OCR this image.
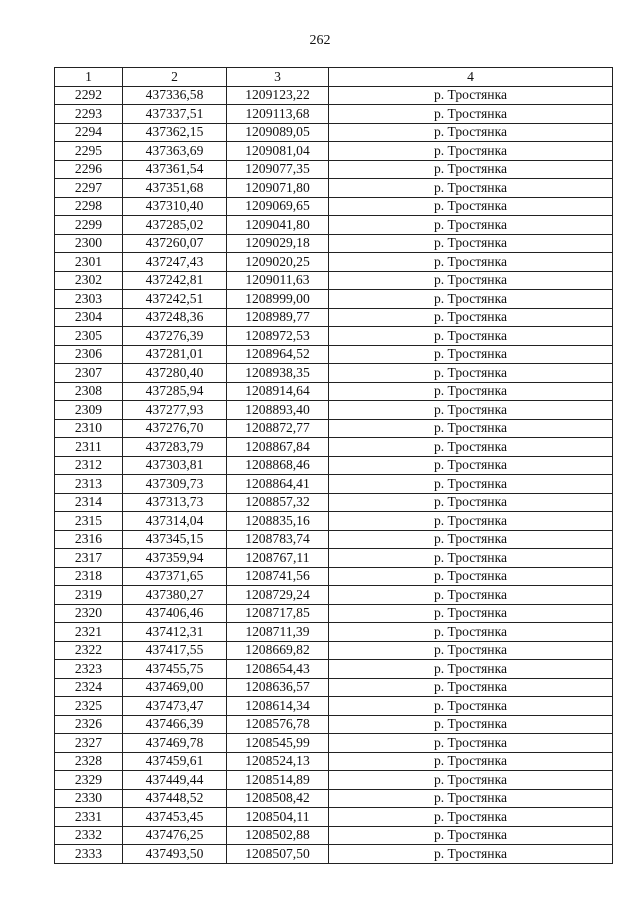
262
1	2	3	4
2292	437336,58	1209123,22	р. Тростянка
2293	437337,51	1209113,68	р. Тростянка
2294	437362,15	1209089,05	р. Тростянка
2295	437363,69	1209081,04	р. Тростянка
2296	437361,54	1209077,35	р. Тростянка
2297	437351,68	1209071,80	р. Тростянка
2298	437310,40	1209069,65	р. Тростянка
2299	437285,02	1209041,80	р. Тростянка
2300	437260,07	1209029,18	р. Тростянка
2301	437247,43	1209020,25	р. Тростянка
2302	437242,81	1209011,63	р. Тростянка
2303	437242,51	1208999,00	р. Тростянка
2304	437248,36	1208989,77	р. Тростянка
2305	437276,39	1208972,53	р. Тростянка
2306	437281,01	1208964,52	р. Тростянка
2307	437280,40	1208938,35	р. Тростянка
2308	437285,94	1208914,64	р. Тростянка
2309	437277,93	1208893,40	р. Тростянка
2310	437276,70	1208872,77	р. Тростянка
2311	437283,79	1208867,84	р. Тростянка
2312	437303,81	1208868,46	р. Тростянка
2313	437309,73	1208864,41	р. Тростянка
2314	437313,73	1208857,32	р. Тростянка
2315	437314,04	1208835,16	р. Тростянка
2316	437345,15	1208783,74	р. Тростянка
2317	437359,94	1208767,11	р. Тростянка
2318	437371,65	1208741,56	р. Тростянка
2319	437380,27	1208729,24	р. Тростянка
2320	437406,46	1208717,85	р. Тростянка
2321	437412,31	1208711,39	р. Тростянка
2322	437417,55	1208669,82	р. Тростянка
2323	437455,75	1208654,43	р. Тростянка
2324	437469,00	1208636,57	р. Тростянка
2325	437473,47	1208614,34	р. Тростянка
2326	437466,39	1208576,78	р. Тростянка
2327	437469,78	1208545,99	р. Тростянка
2328	437459,61	1208524,13	р. Тростянка
2329	437449,44	1208514,89	р. Тростянка
2330	437448,52	1208508,42	р. Тростянка
2331	437453,45	1208504,11	р. Тростянка
2332	437476,25	1208502,88	р. Тростянка
2333	437493,50	1208507,50	р. Тростянка
